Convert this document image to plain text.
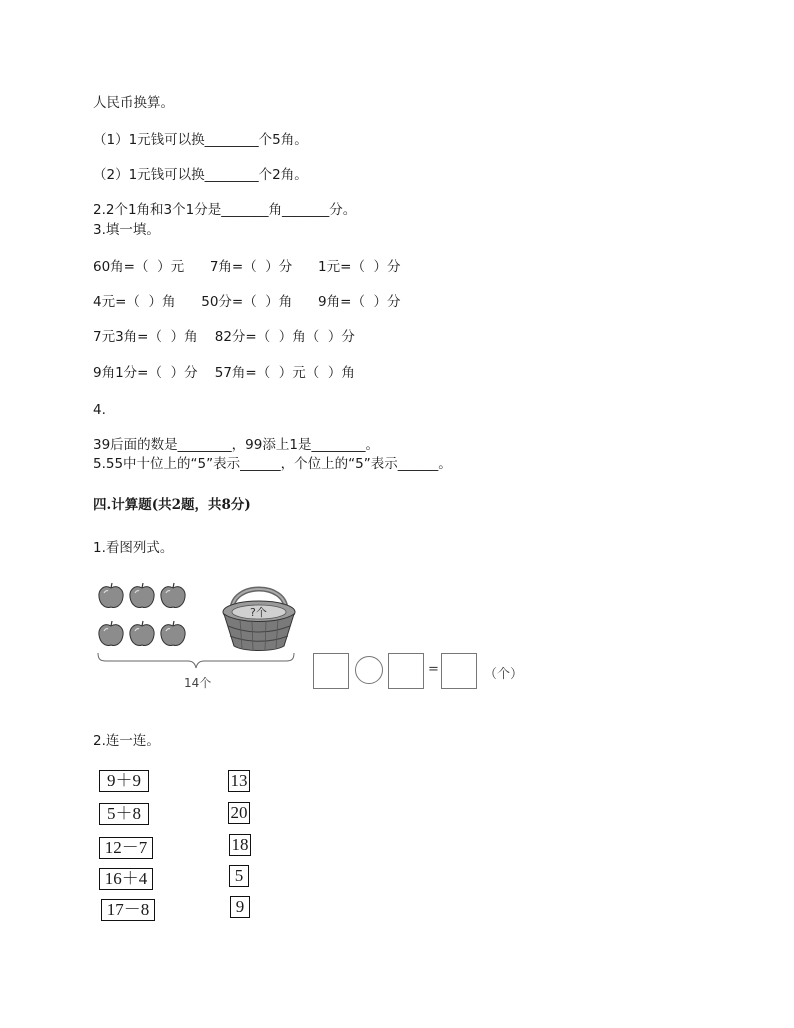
人民币换算。
（1）1元钱可以换________个5角。
（2）1元钱可以换________个2角。
2.2个1角和3个1分是_______角_______分。
3.填一填。
60角=（  ）元      7角=（  ）分      1元=（  ）分
4元=（  ）角      50分=（  ）角      9角=（  ）分
7元3角=（  ）角    82分=（  ）角（  ）分
9角1分=（  ）分    57角=（  ）元（  ）角
4.
39后面的数是________，99添上1是________。
5.55中十位上的“5”表示______，个位上的“5”表示______。
四.计算题(共2题，共8分)
1.看图列式。
?个
14个
=	（个）
2.连一连。
9＋9
5＋8
12－7
16＋4
17－8
13
20
18
5
9
